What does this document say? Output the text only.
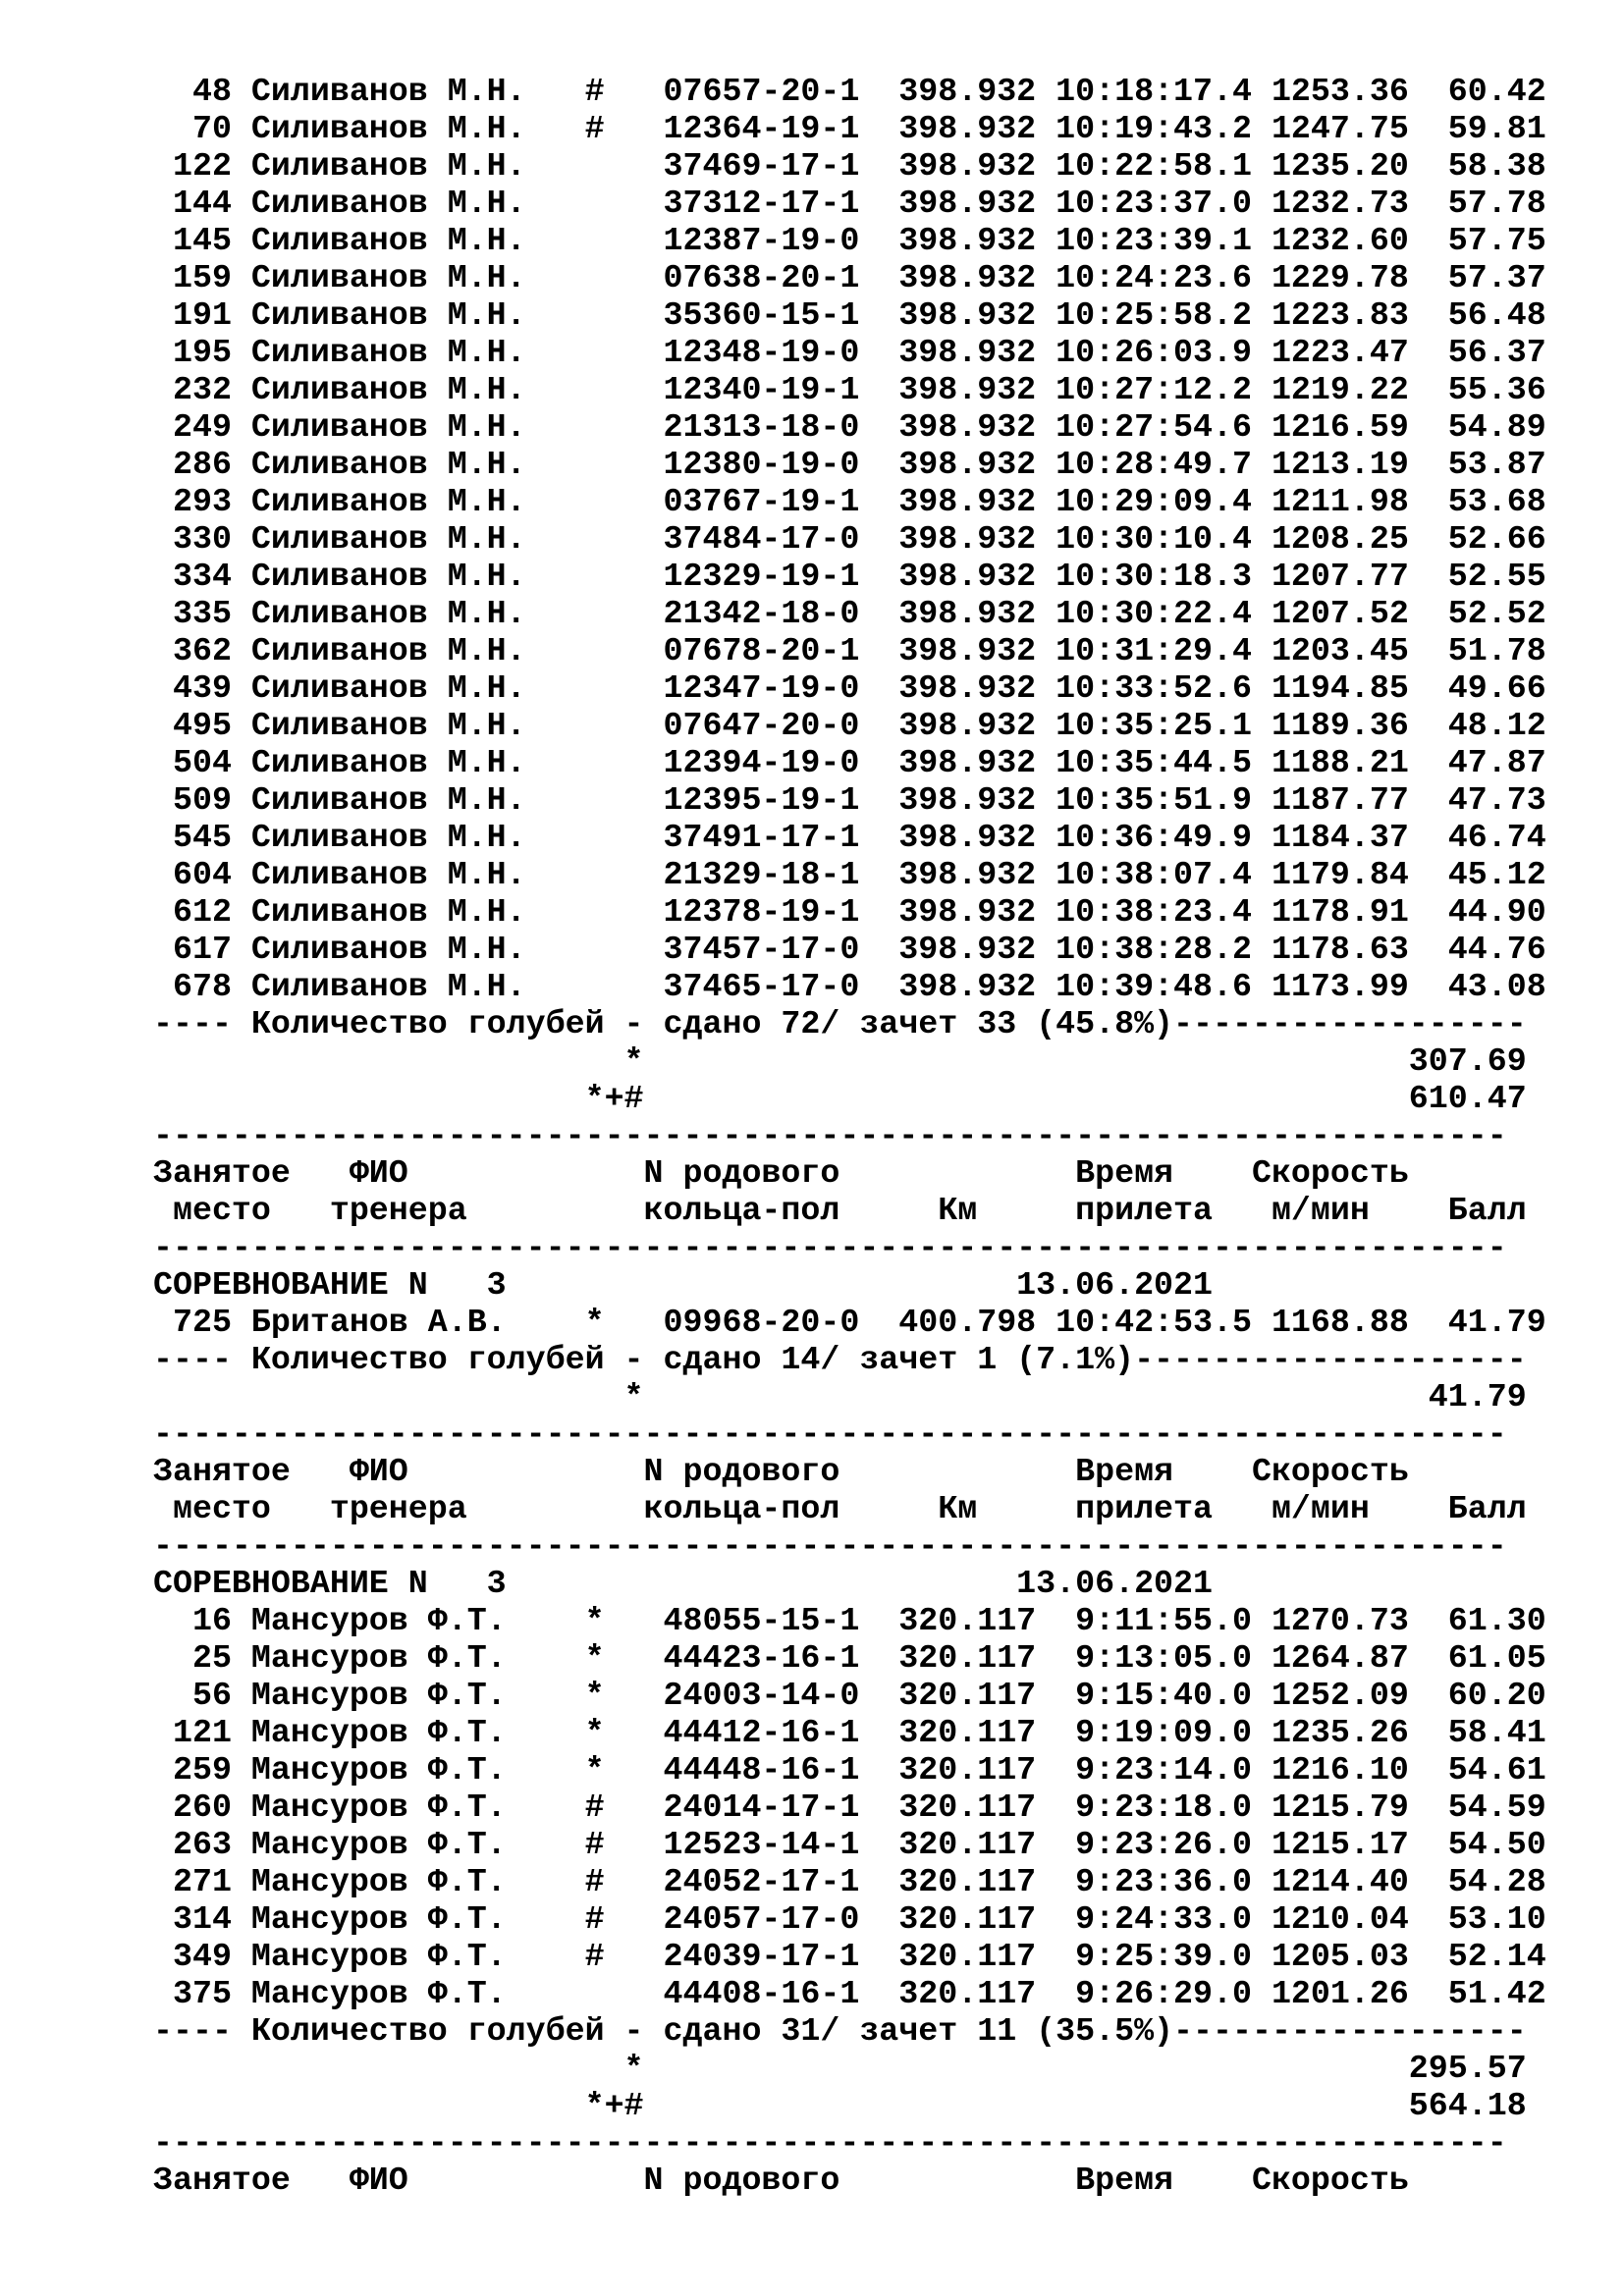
48 Силиванов М.Н.   #   07657-20-1  398.932 10:18:17.4 1253.36  60.42
70 Силиванов М.Н.   #   12364-19-1  398.932 10:19:43.2 1247.75  59.81
122 Силиванов М.Н.       37469-17-1  398.932 10:22:58.1 1235.20  58.38
144 Силиванов М.Н.       37312-17-1  398.932 10:23:37.0 1232.73  57.78
145 Силиванов М.Н.       12387-19-0  398.932 10:23:39.1 1232.60  57.75
159 Силиванов М.Н.       07638-20-1  398.932 10:24:23.6 1229.78  57.37
191 Силиванов М.Н.       35360-15-1  398.932 10:25:58.2 1223.83  56.48
195 Силиванов М.Н.       12348-19-0  398.932 10:26:03.9 1223.47  56.37
232 Силиванов М.Н.       12340-19-1  398.932 10:27:12.2 1219.22  55.36
249 Силиванов М.Н.       21313-18-0  398.932 10:27:54.6 1216.59  54.89
286 Силиванов М.Н.       12380-19-0  398.932 10:28:49.7 1213.19  53.87
293 Силиванов М.Н.       03767-19-1  398.932 10:29:09.4 1211.98  53.68
330 Силиванов М.Н.       37484-17-0  398.932 10:30:10.4 1208.25  52.66
334 Силиванов М.Н.       12329-19-1  398.932 10:30:18.3 1207.77  52.55
335 Силиванов М.Н.       21342-18-0  398.932 10:30:22.4 1207.52  52.52
362 Силиванов М.Н.       07678-20-1  398.932 10:31:29.4 1203.45  51.78
439 Силиванов М.Н.       12347-19-0  398.932 10:33:52.6 1194.85  49.66
495 Силиванов М.Н.       07647-20-0  398.932 10:35:25.1 1189.36  48.12
504 Силиванов М.Н.       12394-19-0  398.932 10:35:44.5 1188.21  47.87
509 Силиванов М.Н.       12395-19-1  398.932 10:35:51.9 1187.77  47.73
545 Силиванов М.Н.       37491-17-1  398.932 10:36:49.9 1184.37  46.74
604 Силиванов М.Н.       21329-18-1  398.932 10:38:07.4 1179.84  45.12
612 Силиванов М.Н.       12378-19-1  398.932 10:38:23.4 1178.91  44.90
617 Силиванов М.Н.       37457-17-0  398.932 10:38:28.2 1178.63  44.76
678 Силиванов М.Н.       37465-17-0  398.932 10:39:48.6 1173.99  43.08
---- Количество голубей - сдано 72/ зачет 33 (45.8%)------------------
*                                       307.69
*+#                                       610.47
---------------------------------------------------------------------
Занятое   ФИО            N родового            Время    Скорость
место   тренера         кольца-пол     Км     прилета   м/мин    Балл
---------------------------------------------------------------------
СОРЕВНОВАНИЕ N   3                          13.06.2021
725 Британов А.В.    *   09968-20-0  400.798 10:42:53.5 1168.88  41.79
---- Количество голубей - сдано 14/ зачет 1 (7.1%)--------------------
*                                        41.79
---------------------------------------------------------------------
Занятое   ФИО            N родового            Время    Скорость
место   тренера         кольца-пол     Км     прилета   м/мин    Балл
---------------------------------------------------------------------
СОРЕВНОВАНИЕ N   3                          13.06.2021
16 Мансуров Ф.Т.    *   48055-15-1  320.117  9:11:55.0 1270.73  61.30
25 Мансуров Ф.Т.    *   44423-16-1  320.117  9:13:05.0 1264.87  61.05
56 Мансуров Ф.Т.    *   24003-14-0  320.117  9:15:40.0 1252.09  60.20
121 Мансуров Ф.Т.    *   44412-16-1  320.117  9:19:09.0 1235.26  58.41
259 Мансуров Ф.Т.    *   44448-16-1  320.117  9:23:14.0 1216.10  54.61
260 Мансуров Ф.Т.    #   24014-17-1  320.117  9:23:18.0 1215.79  54.59
263 Мансуров Ф.Т.    #   12523-14-1  320.117  9:23:26.0 1215.17  54.50
271 Мансуров Ф.Т.    #   24052-17-1  320.117  9:23:36.0 1214.40  54.28
314 Мансуров Ф.Т.    #   24057-17-0  320.117  9:24:33.0 1210.04  53.10
349 Мансуров Ф.Т.    #   24039-17-1  320.117  9:25:39.0 1205.03  52.14
375 Мансуров Ф.Т.        44408-16-1  320.117  9:26:29.0 1201.26  51.42
---- Количество голубей - сдано 31/ зачет 11 (35.5%)------------------
*                                       295.57
*+#                                       564.18
---------------------------------------------------------------------
Занятое   ФИО            N родового            Время    Скорость
